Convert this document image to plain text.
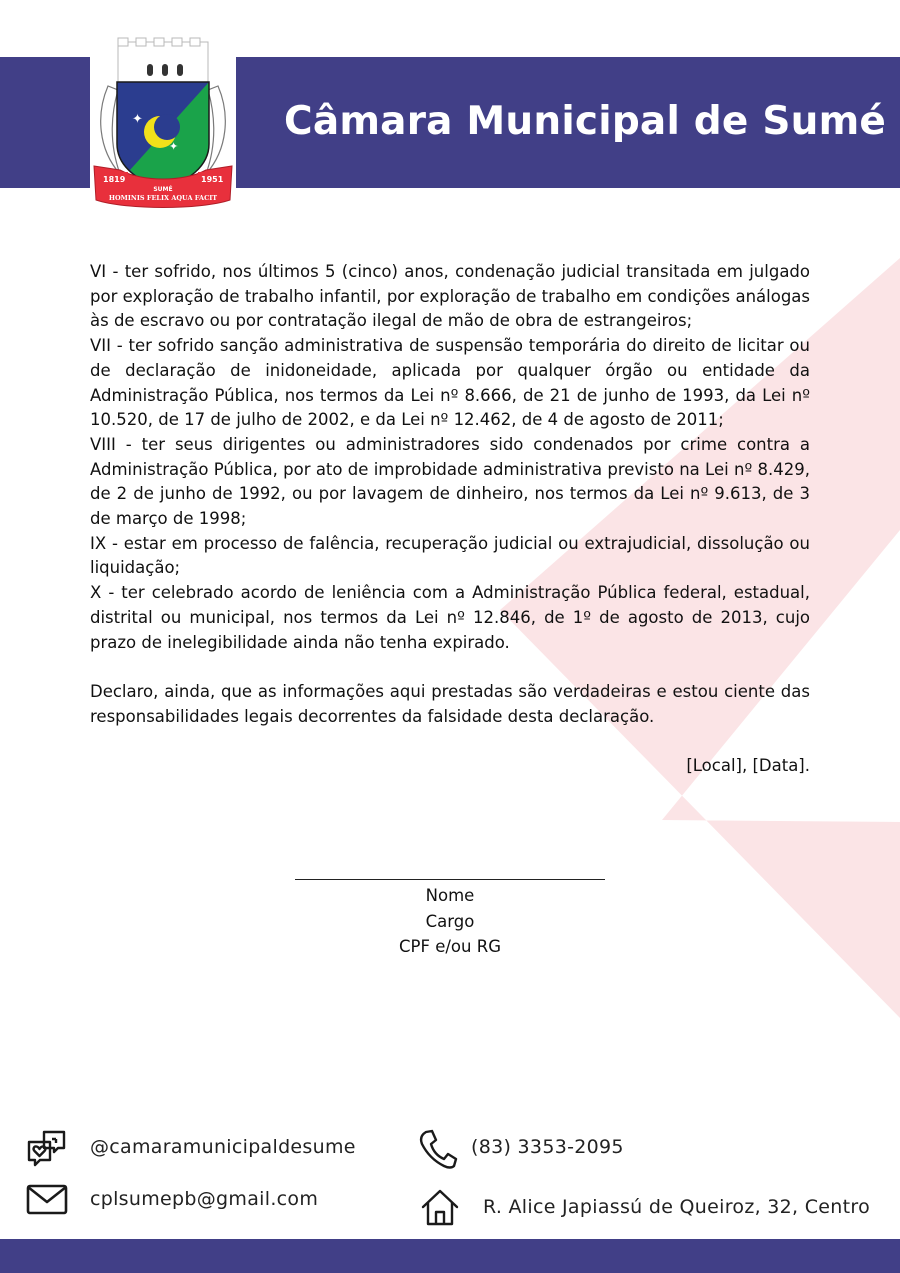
✦
✦
1819	1951
SUMÉ
HOMINIS FELIX AQUA FACIT
Câmara Municipal de Sumé

VI - ter sofrido, nos últimos 5 (cinco) anos, condenação judicial transitada em julgado por exploração de trabalho infantil, por exploração de trabalho em condições análogas às de escravo ou por contratação ilegal de mão de obra de estrangeiros;

VII - ter sofrido sanção administrativa de suspensão temporária do direito de licitar ou de declaração de inidoneidade, aplicada por qualquer órgão ou entidade da Administração Pública, nos termos da Lei nº 8.666, de 21 de junho de 1993, da Lei nº 10.520, de 17 de julho de 2002, e da Lei nº 12.462, de 4 de agosto de 2011;

VIII - ter seus dirigentes ou administradores sido condenados por crime contra a Administração Pública, por ato de improbidade administrativa previsto na Lei nº 8.429, de 2 de junho de 1992, ou por lavagem de dinheiro, nos termos da Lei nº 9.613, de 3 de março de 1998;

IX - estar em processo de falência, recuperação judicial ou extrajudicial, dissolução ou liquidação;

X - ter celebrado acordo de leniência com a Administração Pública federal, estadual, distrital ou municipal, nos termos da Lei nº 12.846, de 1º de agosto de 2013, cujo prazo de inelegibilidade ainda não tenha expirado.

Declaro, ainda, que as informações aqui prestadas são verdadeiras e estou ciente das responsabilidades legais decorrentes da falsidade desta declaração.

[Local], [Data].

Nome
Cargo
CPF e/ou RG
@camaramunicipaldesume	(83) 3353-2095
cplsumepb@gmail.com	R. Alice Japiassú de Queiroz, 32, Centro
